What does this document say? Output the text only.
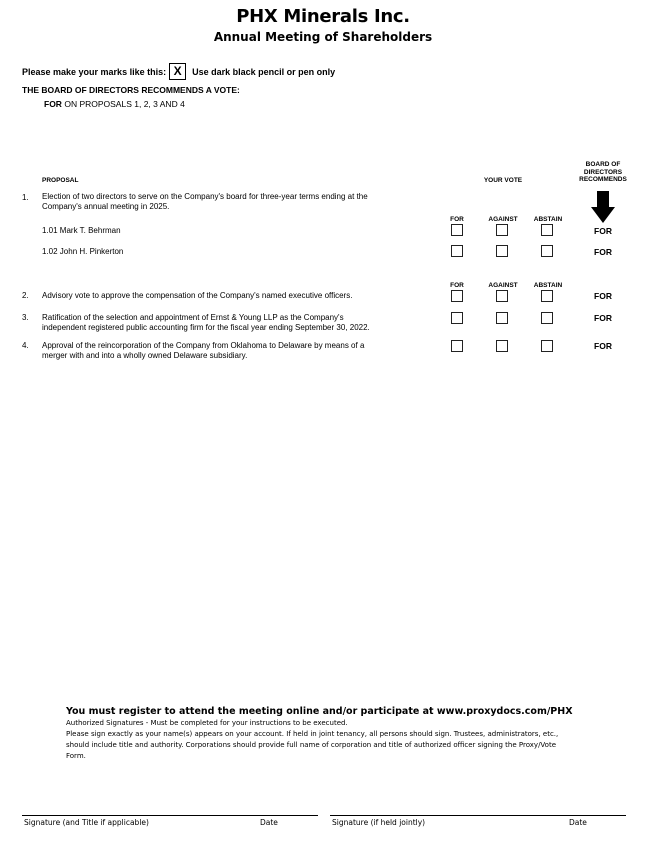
PHX Minerals Inc.
Annual Meeting of Shareholders
Please make your marks like this: X	Use dark black pencil or pen only
THE BOARD OF DIRECTORS RECOMMENDS A VOTE:
FOR ON PROPOSALS 1, 2, 3 AND 4
PROPOSAL	YOUR VOTE
BOARD OF
DIRECTORS
RECOMMENDS
1. Election of two directors to serve on the Company's board for three-year terms ending at the
Company's annual meeting in 2025.
FOR	AGAINST	ABSTAIN
1.01 Mark T. Behrman	FOR
1.02 John H. Pinkerton	FOR
FOR	AGAINST	ABSTAIN
2. Advisory vote to approve the compensation of the Company's named executive officers.	FOR
3. Ratification of the selection and appointment of Ernst & Young LLP as the Company's
independent registered public accounting firm for the fiscal year ending September 30, 2022.
FOR
4. Approval of the reincorporation of the Company from Oklahoma to Delaware by means of a
merger with and into a wholly owned Delaware subsidiary.
FOR
You must register to attend the meeting online and/or participate at www.proxydocs.com/PHX
Authorized Signatures - Must be completed for your instructions to be executed.
Please sign exactly as your name(s) appears on your account. If held in joint tenancy, all persons should sign. Trustees, administrators, etc.,
should include title and authority. Corporations should provide full name of corporation and title of authorized officer signing the Proxy/Vote
Form.
Signature (and Title if applicable)	Date	Signature (if held jointly)	Date
